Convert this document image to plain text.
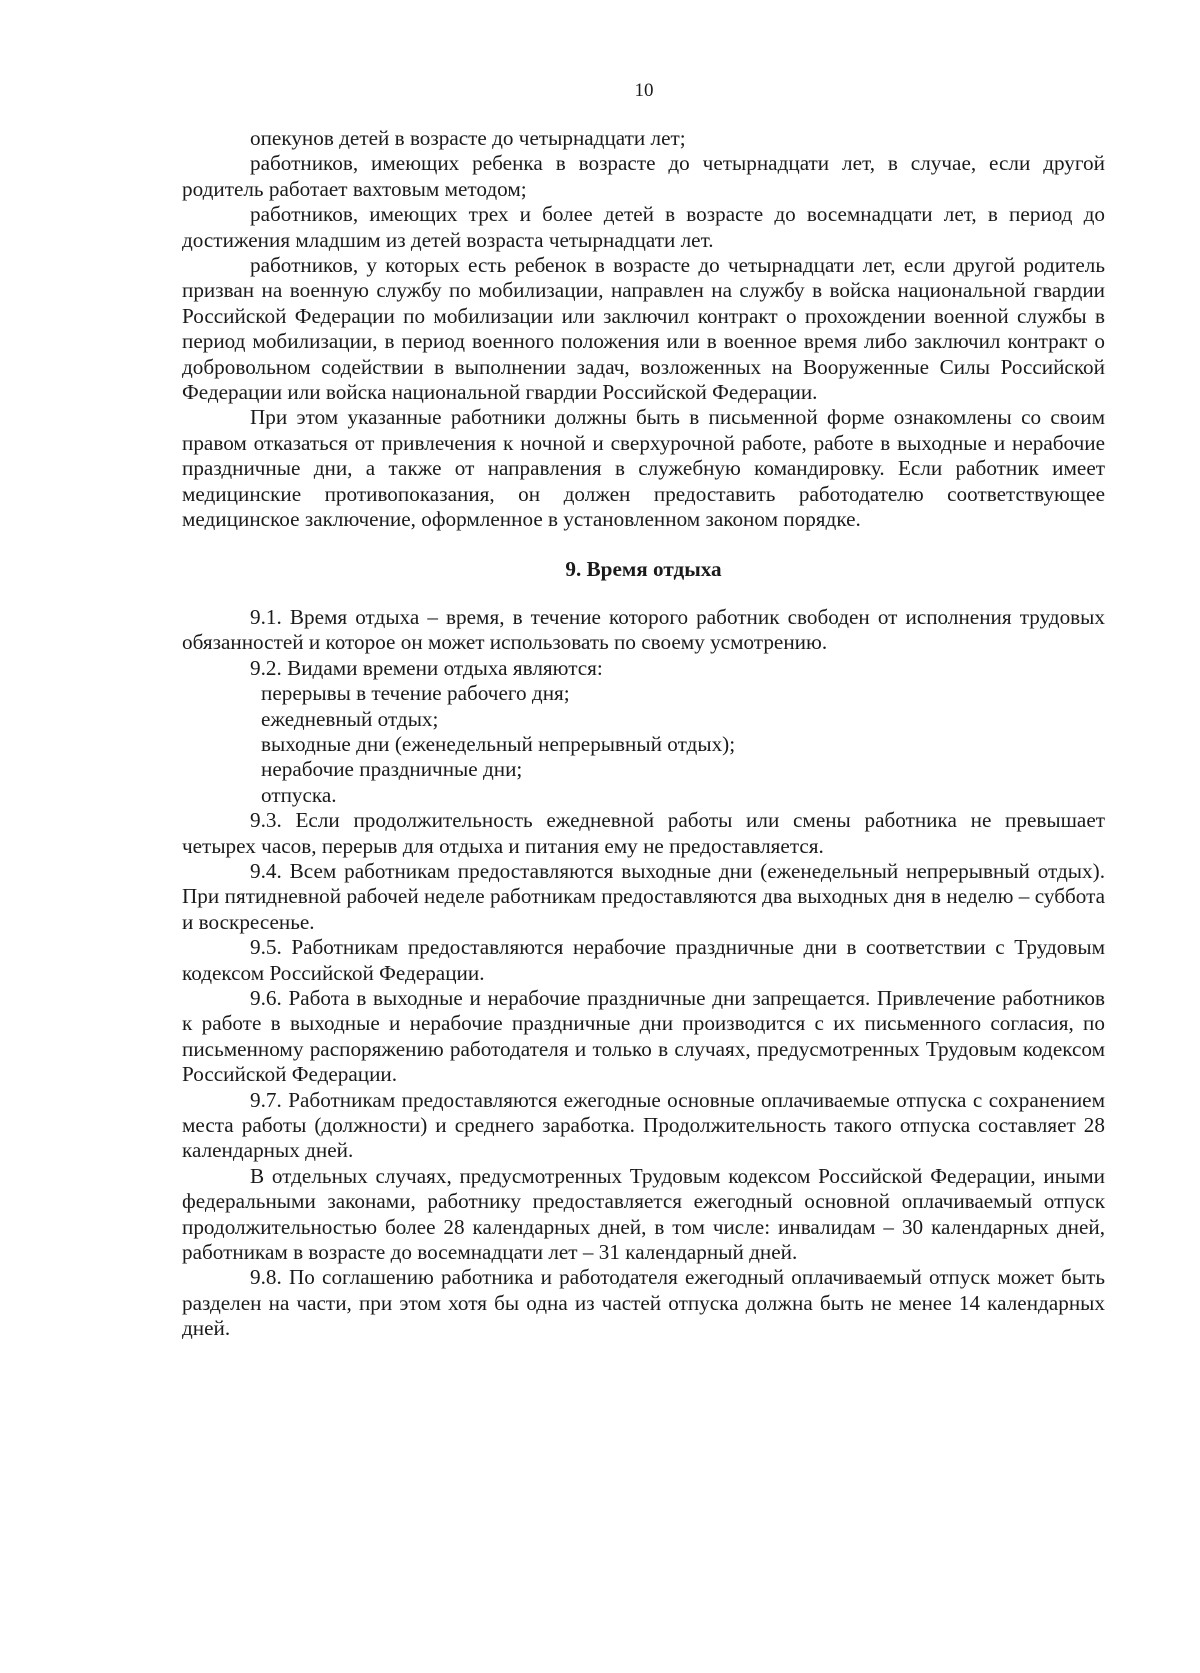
10

опекунов детей в возрасте до четырнадцати лет;

работников, имеющих ребенка в возрасте до четырнадцати лет, в случае, если другой родитель работает вахтовым методом;

работников, имеющих трех и более детей в возрасте до восемнадцати лет, в период до достижения младшим из детей возраста четырнадцати лет.

работников, у которых есть ребенок в возрасте до четырнадцати лет, если другой родитель призван на военную службу по мобилизации, направлен на службу в войска национальной гвардии Российской Федерации по мобилизации или заключил контракт о прохождении военной службы в период мобилизации, в период военного положения или в военное время либо заключил контракт о добровольном содействии в выполнении задач, возложенных на Вооруженные Силы Российской Федерации или войска национальной гвардии Российской Федерации.

При этом указанные работники должны быть в письменной форме ознакомлены со своим правом отказаться от привлечения к ночной и сверхурочной работе, работе в выходные и нерабочие праздничные дни, а также от направления в служебную командировку. Если работник имеет медицинские противопоказания, он должен предоставить работодателю соответствующее медицинское заключение, оформленное в установленном законом порядке.

9. Время отдыха

9.1. Время отдыха – время, в течение которого работник свободен от исполнения трудовых обязанностей и которое он может использовать по своему усмотрению.

9.2. Видами времени отдыха являются:

перерывы в течение рабочего дня;

ежедневный отдых;

выходные дни (еженедельный непрерывный отдых);

нерабочие праздничные дни;

отпуска.

9.3. Если продолжительность ежедневной работы или смены работника не превышает четырех часов, перерыв для отдыха и питания ему не предоставляется.

9.4. Всем работникам предоставляются выходные дни (еженедельный непрерывный отдых). При пятидневной рабочей неделе работникам предоставляются два выходных дня в неделю – суббота и воскресенье.

9.5. Работникам предоставляются нерабочие праздничные дни в соответствии с Трудовым кодексом Российской Федерации.

9.6. Работа в выходные и нерабочие праздничные дни запрещается. Привлечение работников к работе в выходные и нерабочие праздничные дни производится с их письменного согласия, по письменному распоряжению работодателя и только в случаях, предусмотренных Трудовым кодексом Российской Федерации.

9.7. Работникам предоставляются ежегодные основные оплачиваемые отпуска с сохранением места работы (должности) и среднего заработка. Продолжительность такого отпуска составляет 28 календарных дней.

В отдельных случаях, предусмотренных Трудовым кодексом Российской Федерации, иными федеральными законами, работнику предоставляется ежегодный основной оплачиваемый отпуск продолжительностью более 28 календарных дней, в том числе: инвалидам – 30 календарных дней, работникам в возрасте до восемнадцати лет – 31 календарный дней.

9.8. По соглашению работника и работодателя ежегодный оплачиваемый отпуск может быть разделен на части, при этом хотя бы одна из частей отпуска должна быть не менее 14 календарных дней.
